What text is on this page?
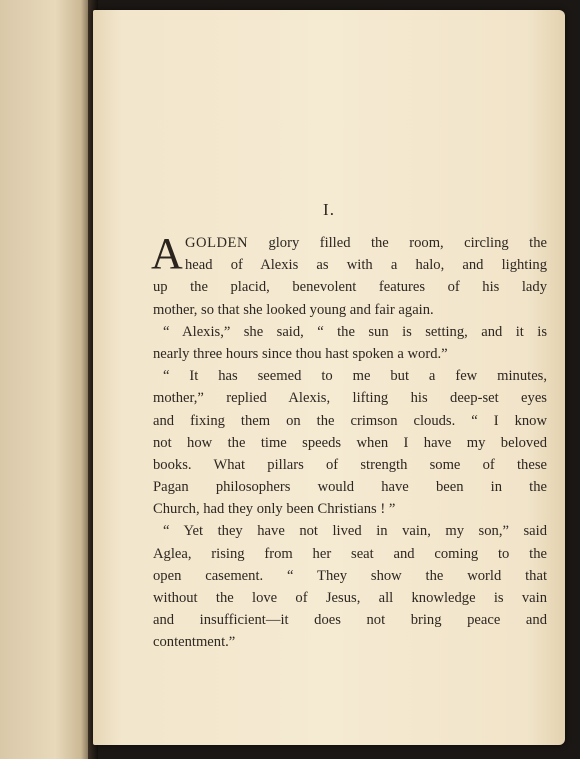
I.
A GOLDEN glory filled the room, circling the
head of Alexis as with a halo, and lighting
up the placid, benevolent features of his lady
mother, so that she looked young and fair again.
“ Alexis,” she said, “ the sun is setting, and it is
nearly three hours since thou hast spoken a word.”
“ It has seemed to me but a few minutes,
mother,” replied Alexis, lifting his deep-set eyes
and fixing them on the crimson clouds. “ I know
not how the time speeds when I have my beloved
books. What pillars of strength some of these
Pagan philosophers would have been in the
Church, had they only been Christians ! ”
“ Yet they have not lived in vain, my son,” said
Aglea, rising from her seat and coming to the
open casement. “ They show the world that
without the love of Jesus, all knowledge is vain
and insufficient—it does not bring peace and
contentment.”
